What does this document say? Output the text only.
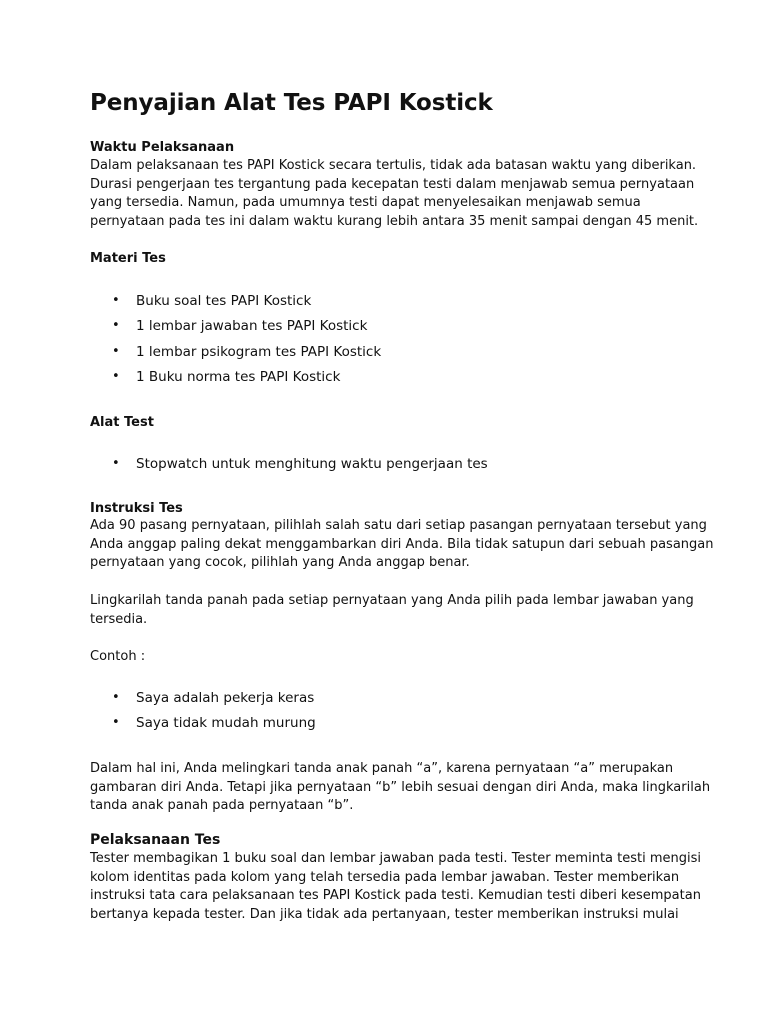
Penyajian Alat Tes PAPI Kostick
Waktu Pelaksanaan
Dalam pelaksanaan tes PAPI Kostick secara tertulis, tidak ada batasan waktu yang diberikan.
Durasi pengerjaan tes tergantung pada kecepatan testi dalam menjawab semua pernyataan
yang tersedia. Namun, pada umumnya testi dapat menyelesaikan menjawab semua
pernyataan pada tes ini dalam waktu kurang lebih antara 35 menit sampai dengan 45 menit.
Materi Tes
• Buku soal tes PAPI Kostick
• 1 lembar jawaban tes PAPI Kostick
• 1 lembar psikogram tes PAPI Kostick
• 1 Buku norma tes PAPI Kostick
Alat Test
• Stopwatch untuk menghitung waktu pengerjaan tes
Instruksi Tes
Ada 90 pasang pernyataan, pilihlah salah satu dari setiap pasangan pernyataan tersebut yang
Anda anggap paling dekat menggambarkan diri Anda. Bila tidak satupun dari sebuah pasangan
pernyataan yang cocok, pilihlah yang Anda anggap benar.
Lingkarilah tanda panah pada setiap pernyataan yang Anda pilih pada lembar jawaban yang
tersedia.
Contoh :
• Saya adalah pekerja keras
• Saya tidak mudah murung
Dalam hal ini, Anda melingkari tanda anak panah “a”, karena pernyataan “a” merupakan
gambaran diri Anda. Tetapi jika pernyataan “b” lebih sesuai dengan diri Anda, maka lingkarilah
tanda anak panah pada pernyataan “b”.
Pelaksanaan Tes
Tester membagikan 1 buku soal dan lembar jawaban pada testi. Tester meminta testi mengisi
kolom identitas pada kolom yang telah tersedia pada lembar jawaban. Tester memberikan
instruksi tata cara pelaksanaan tes PAPI Kostick pada testi. Kemudian testi diberi kesempatan
bertanya kepada tester. Dan jika tidak ada pertanyaan, tester memberikan instruksi mulai
